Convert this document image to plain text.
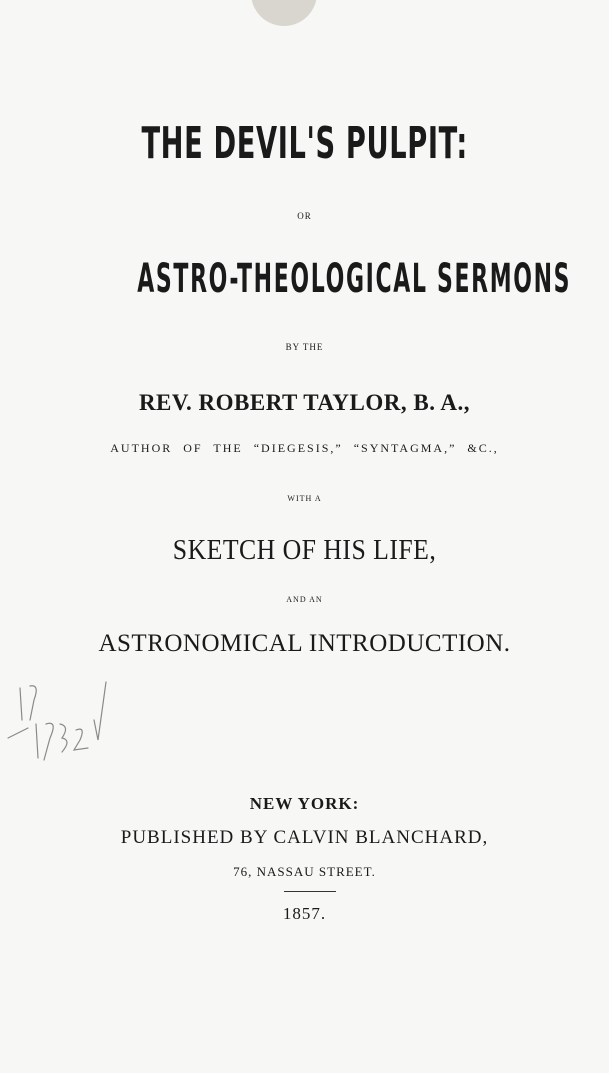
THE DEVIL'S PULPIT:
OR
ASTRO-THEOLOGICAL SERMONS
BY THE
REV. ROBERT TAYLOR, B. A.,
AUTHOR OF THE “DIEGESIS,” “SYNTAGMA,” &C.,
WITH A
SKETCH OF HIS LIFE,
AND AN
ASTRONOMICAL INTRODUCTION.
NEW YORK:
PUBLISHED BY CALVIN BLANCHARD,
76, NASSAU STREET.
1857.
